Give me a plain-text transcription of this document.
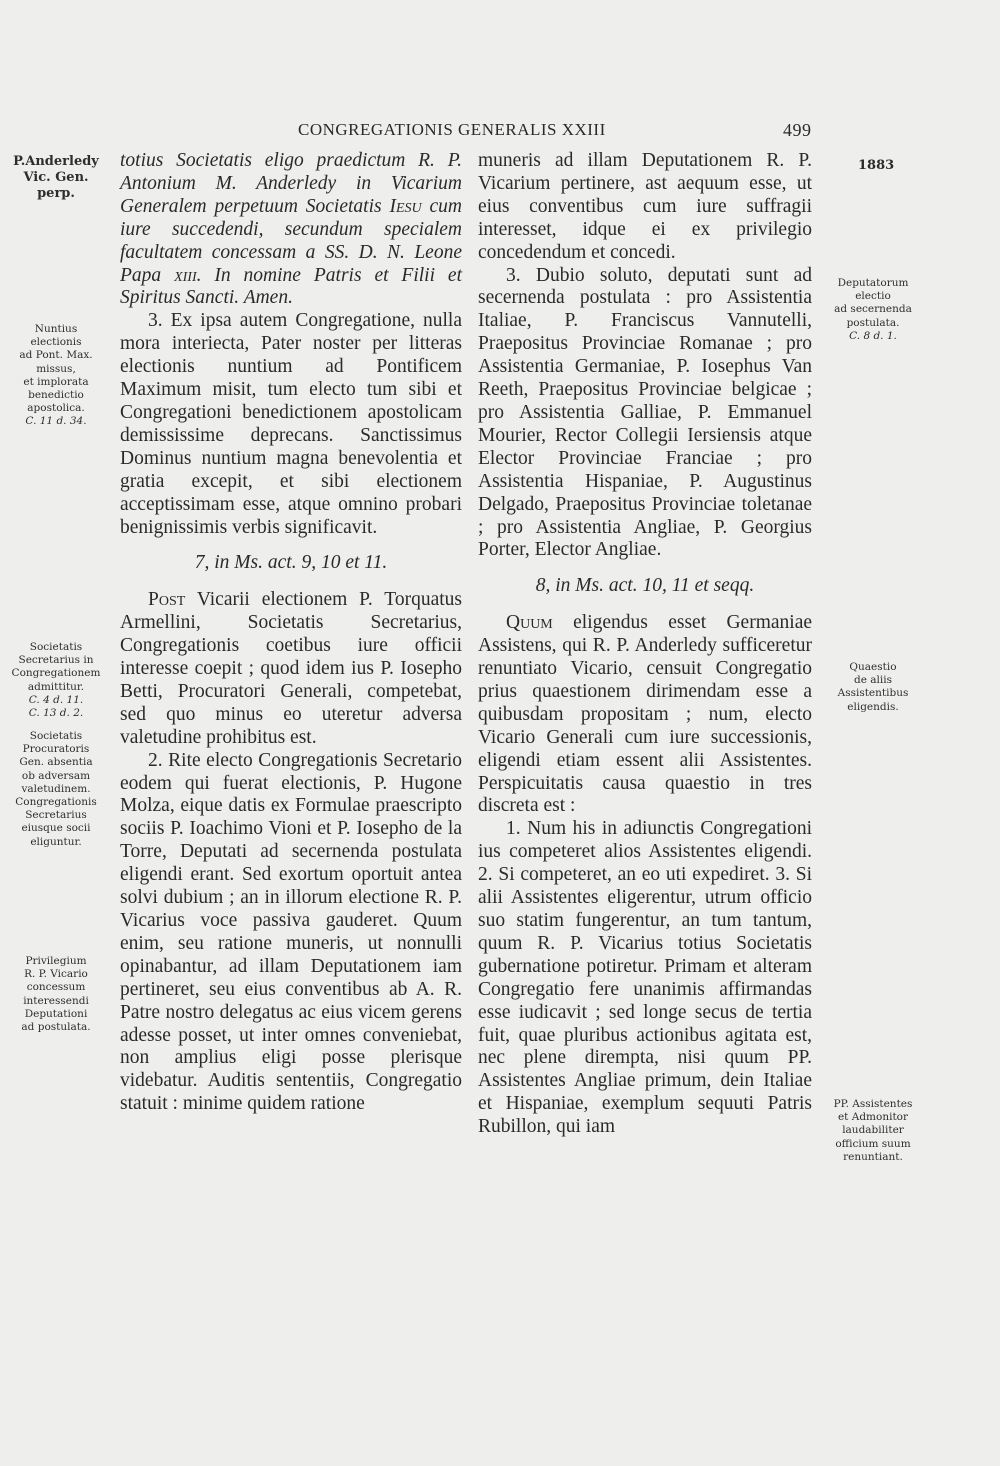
CONGREGATIONIS GENERALIS XXIII	499
P.Anderledy
Vic. Gen.
perp.
Nuntius
electionis
ad Pont. Max.
missus,
et implorata
benedictio
apostolica.
C. 11 d. 34.
Societatis
Secretarius in
Congregationem
admittitur.
C. 4 d. 11.
C. 13 d. 2.
Societatis
Procuratoris
Gen. absentia
ob adversam
valetudinem.
Congregationis
Secretarius
eiusque socii
eliguntur.
Privilegium
R. P. Vicario
concessum
interessendi
Deputationi
ad postulata.
1883
Deputatorum
electio
ad secernenda
postulata.
C. 8 d. 1.
Quaestio
de aliis
Assistentibus
eligendis.
PP. Assistentes
et Admonitor
laudabiliter
officium suum
renuntiant.

totius Societatis eligo praedictum R. P. Antonium M. Anderledy in Vicarium Generalem perpetuum Societatis Iesu cum iure succedendi, secundum specialem facultatem concessam a SS. D. N. Leone Papa xiii. In nomine Patris et Filii et Spiritus Sancti. Amen.

3. Ex ipsa autem Congregatione, nulla mora interiecta, Pater noster per litteras electionis nuntium ad Pontificem Maximum misit, tum electo tum sibi et Congregationi benedictionem apostolicam demississime deprecans. Sanctissimus Dominus nuntium magna benevolentia et gratia excepit, et sibi electionem acceptissimam esse, atque omnino probari benignissimis verbis significavit.

7, in Ms. act. 9, 10 et 11.

Post Vicarii electionem P. Torquatus Armellini, Societatis Secretarius, Congregationis coetibus iure officii interesse coepit ; quod idem ius P. Iosepho Betti, Procuratori Generali, competebat, sed quo minus eo uteretur adversa valetudine prohibitus est.

2. Rite electo Congregationis Secretario eodem qui fuerat electionis, P. Hugone Molza, eique datis ex Formulae praescripto sociis P. Ioachimo Vioni et P. Iosepho de la Torre, Deputati ad secernenda postulata eligendi erant. Sed exortum oportuit antea solvi dubium ; an in illorum electione R. P. Vicarius voce passiva gauderet. Quum enim, seu ratione muneris, ut nonnulli opinabantur, ad illam Deputationem iam pertineret, seu eius conventibus ab A. R. Patre nostro delegatus ac eius vicem gerens adesse posset, ut inter omnes conveniebat, non amplius eligi posse plerisque videbatur. Auditis sententiis, Congregatio statuit : minime quidem ratione

muneris ad illam Deputationem R. P. Vicarium pertinere, ast aequum esse, ut eius conventibus cum iure suffragii interesset, idque ei ex privilegio concedendum et concedi.

3. Dubio soluto, deputati sunt ad secernenda postulata : pro Assistentia Italiae, P. Franciscus Vannutelli, Praepositus Provinciae Romanae ; pro Assistentia Germaniae, P. Iosephus Van Reeth, Praepositus Provinciae belgicae ; pro Assistentia Galliae, P. Emmanuel Mourier, Rector Collegii Iersiensis atque Elector Provinciae Franciae ; pro Assistentia Hispaniae, P. Augustinus Delgado, Praepositus Provinciae toletanae ; pro Assistentia Angliae, P. Georgius Porter, Elector Angliae.

8, in Ms. act. 10, 11 et seqq.

Quum eligendus esset Germaniae Assistens, qui R. P. Anderledy sufficeretur renuntiato Vicario, censuit Congregatio prius quaestionem dirimendam esse a quibusdam propositam ; num, electo Vicario Generali cum iure successionis, eligendi etiam essent alii Assistentes. Perspicuitatis causa quaestio in tres discreta est :

1. Num his in adiunctis Congregationi ius competeret alios Assistentes eligendi. 2. Si competeret, an eo uti expediret. 3. Si alii Assistentes eligerentur, utrum officio suo statim fungerentur, an tum tantum, quum R. P. Vicarius totius Societatis gubernatione potiretur. Primam et alteram Congregatio fere unanimis affirmandas esse iudicavit ; sed longe secus de tertia fuit, quae pluribus actionibus agitata est, nec plene dirempta, nisi quum PP. Assistentes Angliae primum, dein Italiae et Hispaniae, exemplum sequuti Patris Rubillon, qui iam
